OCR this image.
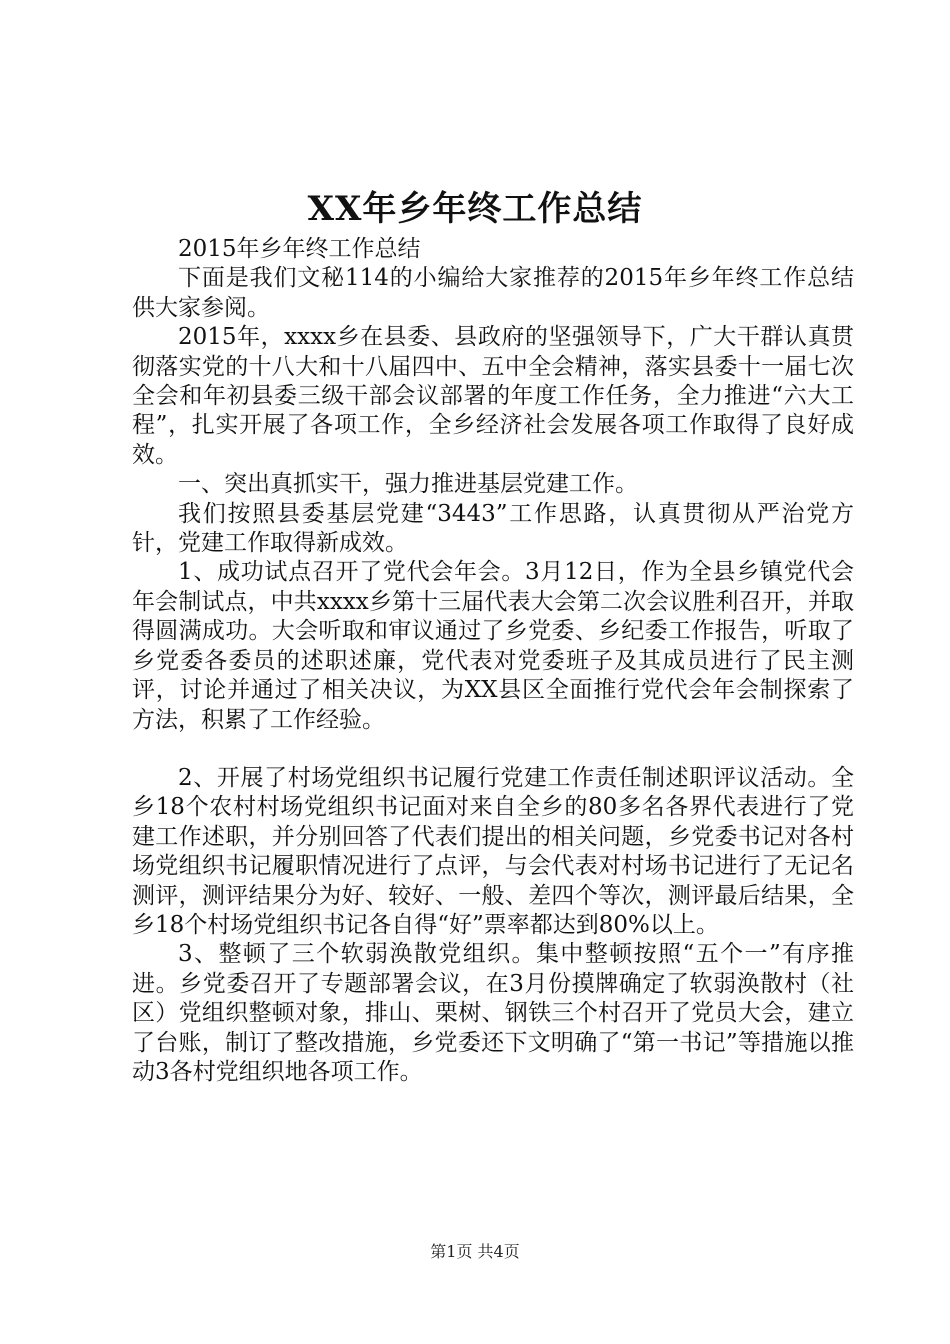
XX年乡年终工作总结

2015年乡年终工作总结

下面是我们文秘114的小编给大家推荐的2015年乡年终工作总结供大家参阅。

2015年，xxxx乡在县委、县政府的坚强领导下，广大干群认真贯彻落实党的十八大和十八届四中、五中全会精神，落实县委十一届七次全会和年初县委三级干部会议部署的年度工作任务，全力推进“六大工程”，扎实开展了各项工作，全乡经济社会发展各项工作取得了良好成效。

一、突出真抓实干，强力推进基层党建工作。

我们按照县委基层党建“3443”工作思路，认真贯彻从严治党方针，党建工作取得新成效。

1、成功试点召开了党代会年会。3月12日，作为全县乡镇党代会年会制试点，中共xxxx乡第十三届代表大会第二次会议胜利召开，并取得圆满成功。大会听取和审议通过了乡党委、乡纪委工作报告，听取了乡党委各委员的述职述廉，党代表对党委班子及其成员进行了民主测评，讨论并通过了相关决议，为XX县区全面推行党代会年会制探索了方法，积累了工作经验。

2、开展了村场党组织书记履行党建工作责任制述职评议活动。全乡18个农村村场党组织书记面对来自全乡的80多名各界代表进行了党建工作述职，并分别回答了代表们提出的相关问题，乡党委书记对各村场党组织书记履职情况进行了点评，与会代表对村场书记进行了无记名测评，测评结果分为好、较好、一般、差四个等次，测评最后结果，全乡18个村场党组织书记各自得“好”票率都达到80%以上。

3、整顿了三个软弱涣散党组织。集中整顿按照“五个一”有序推进。乡党委召开了专题部署会议，在3月份摸牌确定了软弱涣散村（社区）党组织整顿对象，排山、栗树、钢铁三个村召开了党员大会，建立了台账，制订了整改措施，乡党委还下文明确了“第一书记”等措施以推动3各村党组织地各项工作。

第1页 共4页
